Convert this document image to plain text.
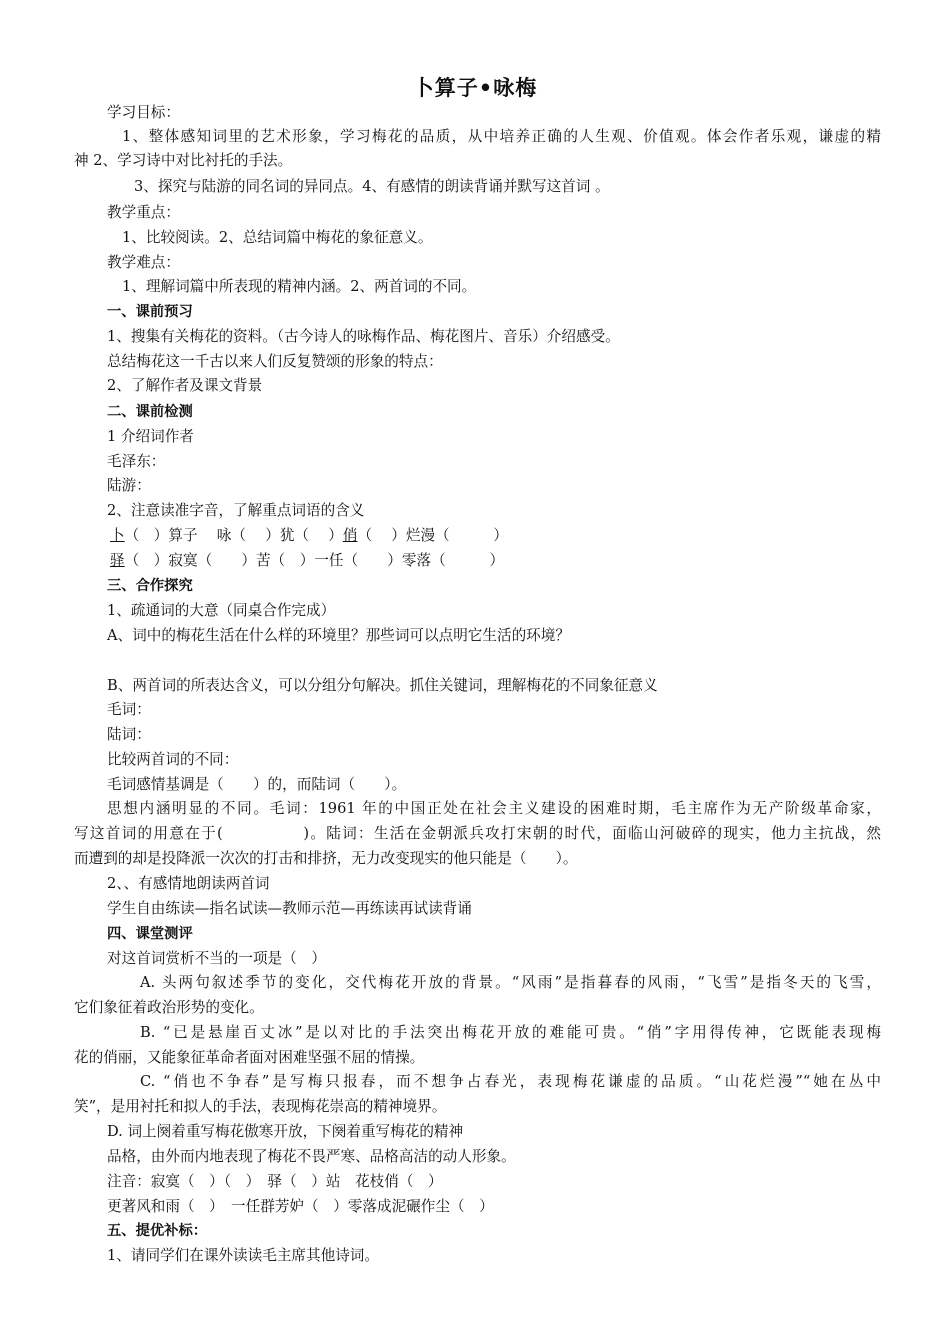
卜算子•咏梅
学习目标：
1、整体感知词里的艺术形象，学习梅花的品质，从中培养正确的人生观、价值观。体会作者乐观，谦虚的精
神 2、学习诗中对比衬托的手法。
3、探究与陆游的同名词的异同点。4、有感情的朗读背诵并默写这首词 。
教学重点：
1、比较阅读。2、总结词篇中梅花的象征意义。
教学难点：
1、理解词篇中所表现的精神内涵。2、两首词的不同。
一、课前预习
1、搜集有关梅花的资料。（古今诗人的咏梅作品、梅花图片、音乐）介绍感受。
总结梅花这一千古以来人们反复赞颂的形象的特点：
2、了解作者及课文背景
二、课前检测
1 介绍词作者
毛泽东：
陆游：
2、注意读准字音，了解重点词语的含义
卜（　）算子　 咏（　 ）犹（　 ）俏（　 ）烂漫（　　　）
驿（　）寂寞（　　）苦（　）一任（　　）零落（　　　）
三、合作探究
1、疏通词的大意（同桌合作完成）
A、词中的梅花生活在什么样的环境里？那些词可以点明它生活的环境？
B、两首词的所表达含义，可以分组分句解决。抓住关键词，理解梅花的不同象征意义
毛词：
陆词：
比较两首词的不同：
毛词感情基调是（　　）的，而陆词（　　）。
思想内涵明显的不同。毛词：1961 年的中国正处在社会主义建设的困难时期，毛主席作为无产阶级革命家，
写这首词的用意在于(　　　　　)。陆词：生活在金朝派兵攻打宋朝的时代，面临山河破碎的现实，他力主抗战，然
而遭到的却是投降派一次次的打击和排挤，无力改变现实的他只能是（　　）。
2、、有感情地朗读两首词
学生自由练读—指名试读—教师示范—再练读再试读背诵
四、课堂测评
对这首词赏析不当的一项是（　）
A. 头两句叙述季节的变化，交代梅花开放的背景。“风雨”是指暮春的风雨，“飞雪”是指冬天的飞雪，
它们象征着政治形势的变化。
B. “已是悬崖百丈冰”是以对比的手法突出梅花开放的难能可贵。“俏”字用得传神，它既能表现梅
花的俏丽，又能象征革命者面对困难坚强不屈的情操。
C. “俏也不争春”是写梅只报春，而不想争占春光，表现梅花谦虚的品质。“山花烂漫”“她在丛中
笑”，是用衬托和拟人的手法，表现梅花崇高的精神境界。
D. 词上阕着重写梅花傲寒开放，下阕着重写梅花的精神
品格，由外而内地表现了梅花不畏严寒、品格高洁的动人形象。
注音：寂寞（　）（　）　驿（　）站　花枝俏（　）
更著风和雨（　）　一任群芳妒（　）零落成泥碾作尘（　）
五、提优补标：
1、请同学们在课外读读毛主席其他诗词。
